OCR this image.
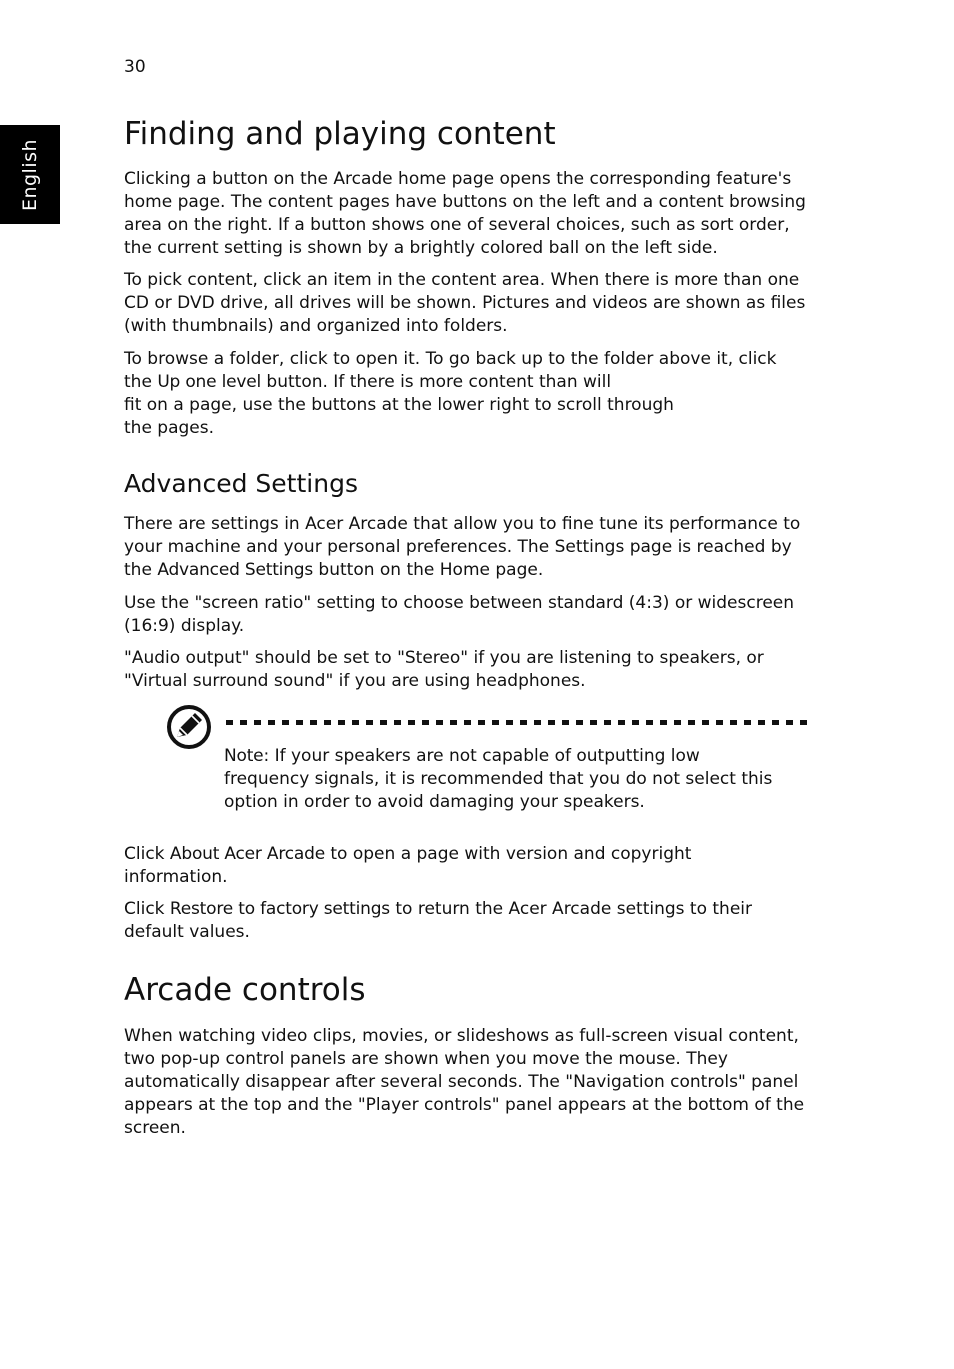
30
English
Finding and playing content

Clicking a button on the Arcade home page opens the corresponding feature's
home page. The content pages have buttons on the left and a content browsing
area on the right. If a button shows one of several choices, such as sort order,
the current setting is shown by a brightly colored ball on the left side.

To pick content, click an item in the content area. When there is more than one
CD or DVD drive, all drives will be shown. Pictures and videos are shown as files
(with thumbnails) and organized into folders.

To browse a folder, click to open it. To go back up to the folder above it, click
the Up one level button. If there is more content than will
fit on a page, use the buttons at the lower right to scroll through
the pages.

Advanced Settings

There are settings in Acer Arcade that allow you to fine tune its performance to
your machine and your personal preferences. The Settings page is reached by
the Advanced Settings button on the Home page.

Use the "screen ratio" setting to choose between standard (4:3) or widescreen
(16:9) display.

"Audio output" should be set to "Stereo" if you are listening to speakers, or
"Virtual surround sound" if you are using headphones.

Click About Acer Arcade to open a page with version and copyright
information.

Click Restore to factory settings to return the Acer Arcade settings to their
default values.

Arcade controls

When watching video clips, movies, or slideshows as full-screen visual content,
two pop-up control panels are shown when you move the mouse. They
automatically disappear after several seconds. The "Navigation controls" panel
appears at the top and the "Player controls" panel appears at the bottom of the
screen.

Note: If your speakers are not capable of outputting low
frequency signals, it is recommended that you do not select this
option in order to avoid damaging your speakers.
